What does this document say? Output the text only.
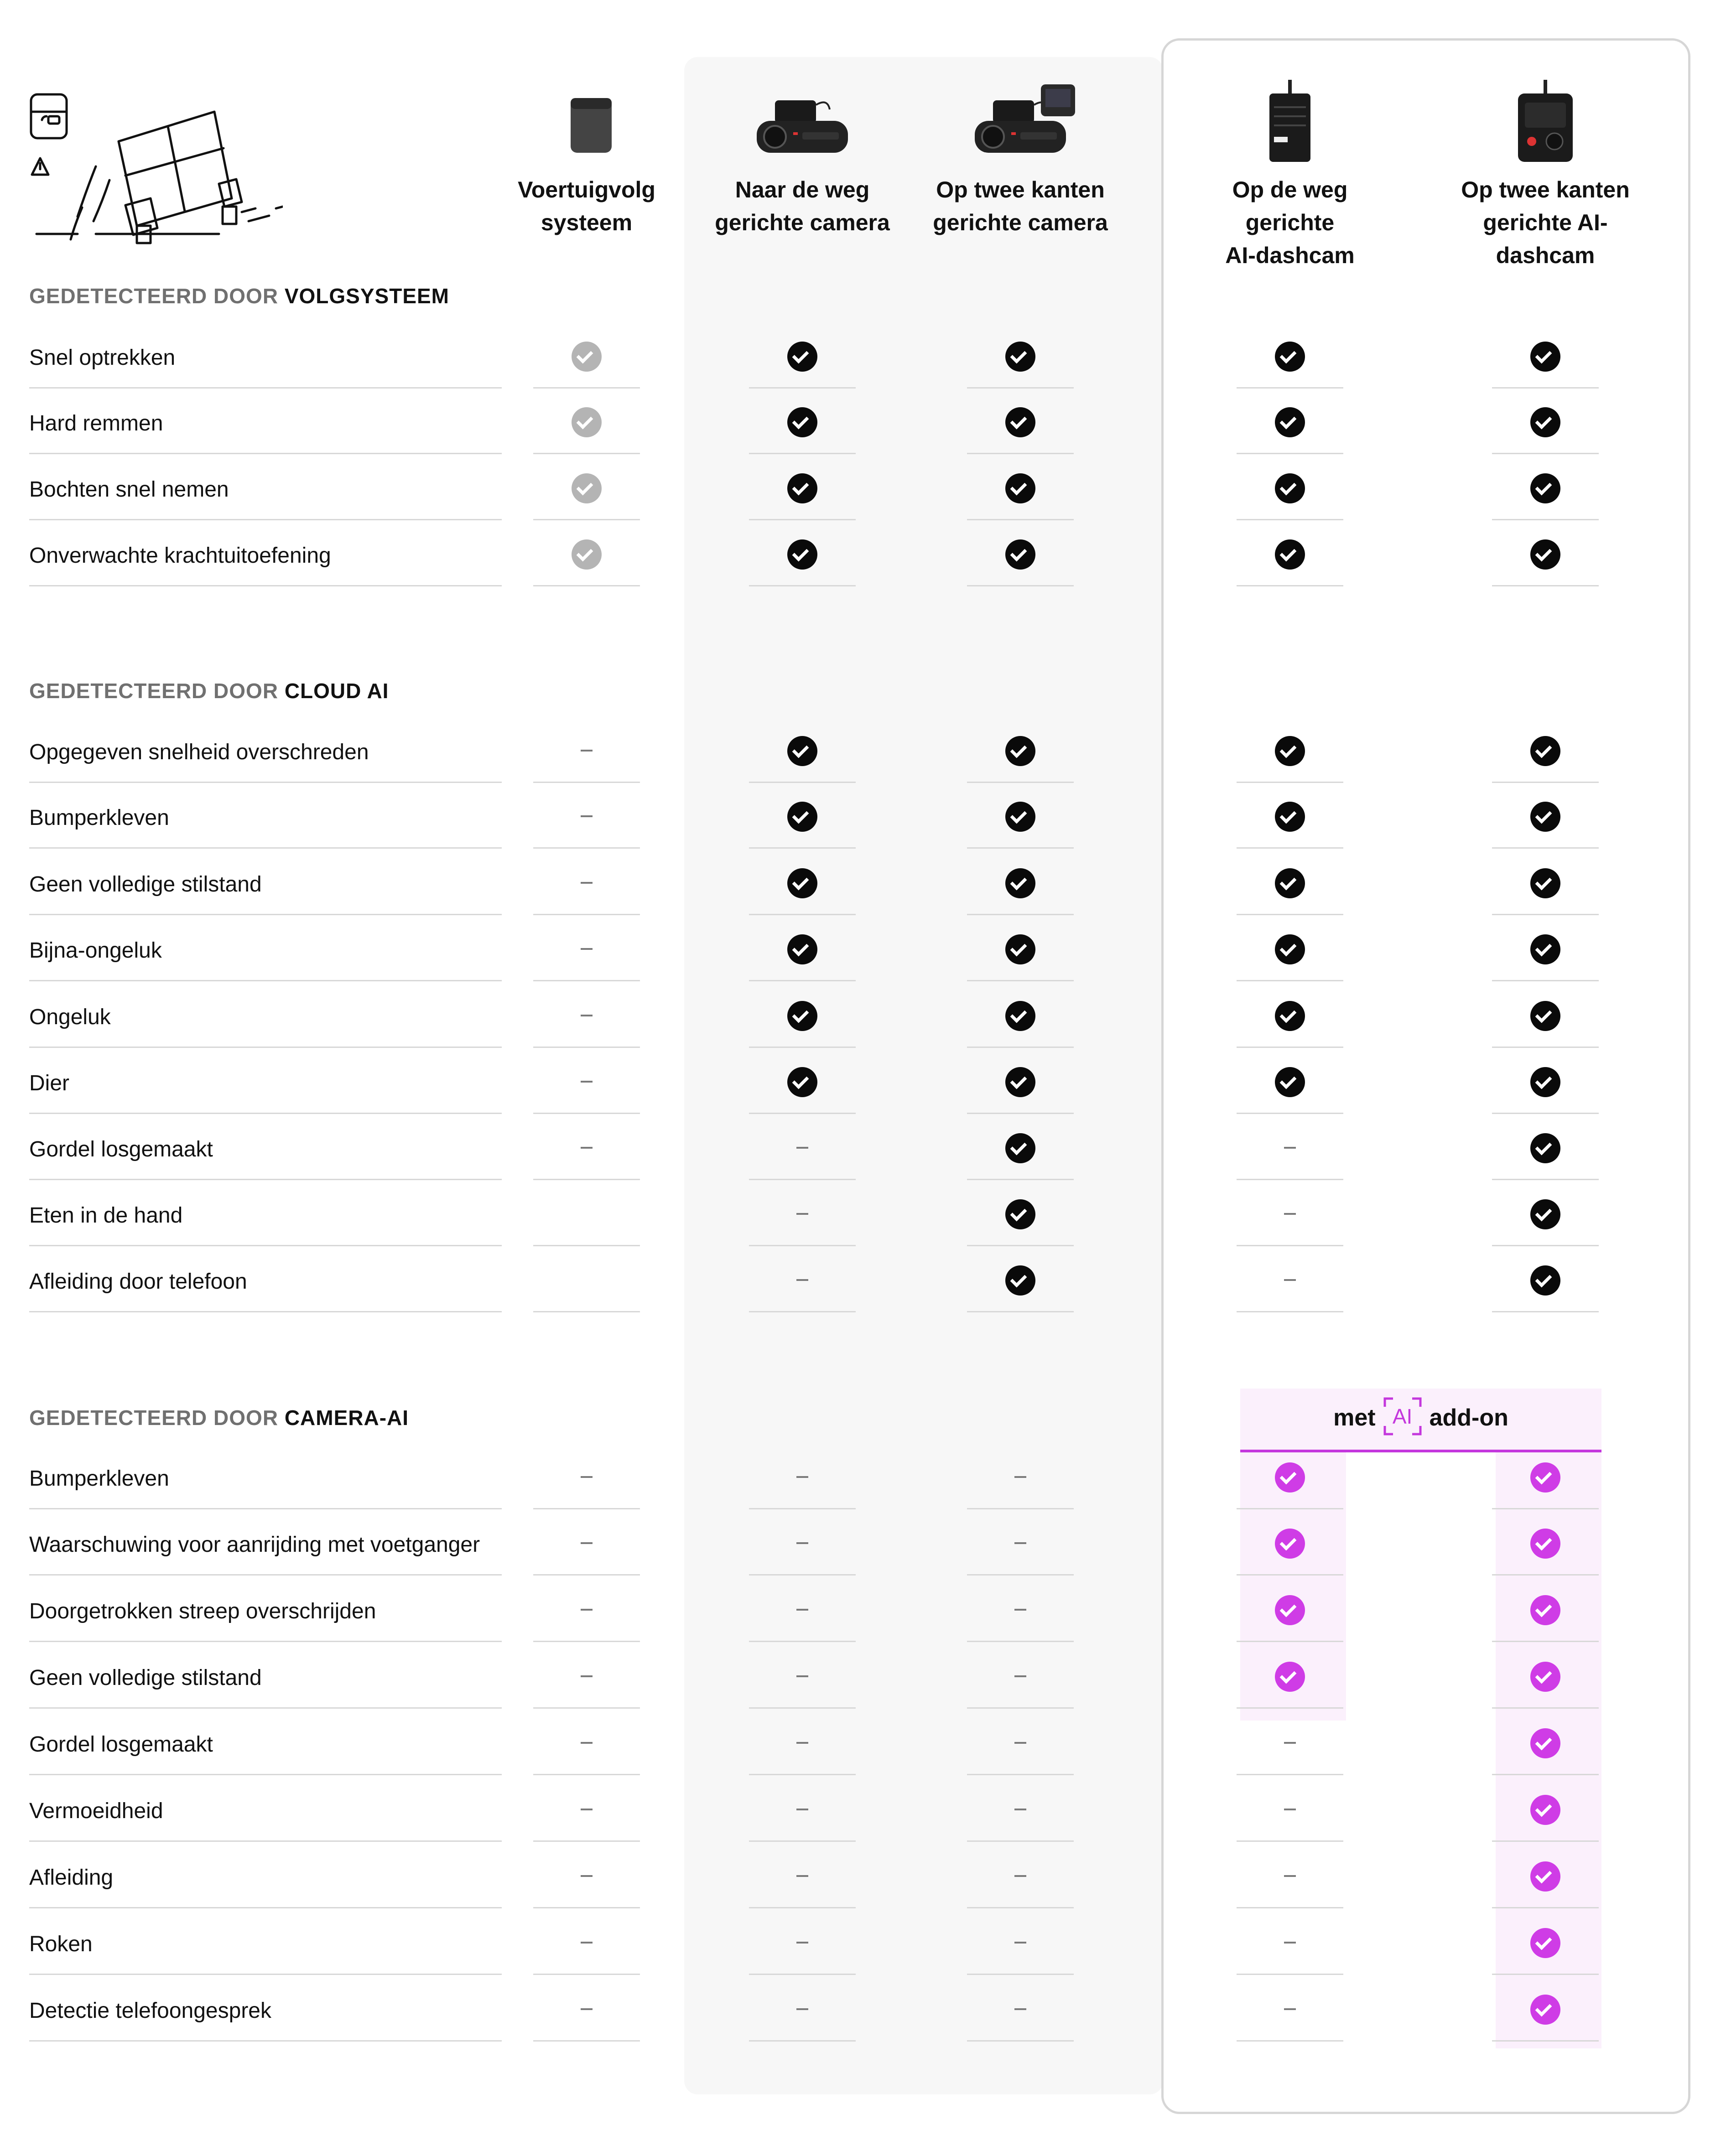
Voertuigvolg
systeem
Naar de weg
gerichte camera
Op twee kanten
gerichte camera
Op de weg gerichte
AI-dashcam
Op twee kanten
gerichte AI-dashcam
GEDETECTEERD DOOR VOLGSYSTEEM
Snel optrekken
Hard remmen
Bochten snel nemen
Onverwachte krachtuitoefening
GEDETECTEERD DOOR CLOUD AI
Opgegeven snelheid overschreden
Bumperkleven
Geen volledige stilstand
Bijna-ongeluk
Ongeluk
Dier
Gordel losgemaakt
Eten in de hand
Afleiding door telefoon
GEDETECTEERD DOOR CAMERA-AI
Bumperkleven
Waarschuwing voor aanrijding met voetganger
Doorgetrokken streep overschrijden
Geen volledige stilstand
Gordel losgemaakt
Vermoeidheid
Afleiding
Roken
Detectie telefoongesprek
met AI add-on
